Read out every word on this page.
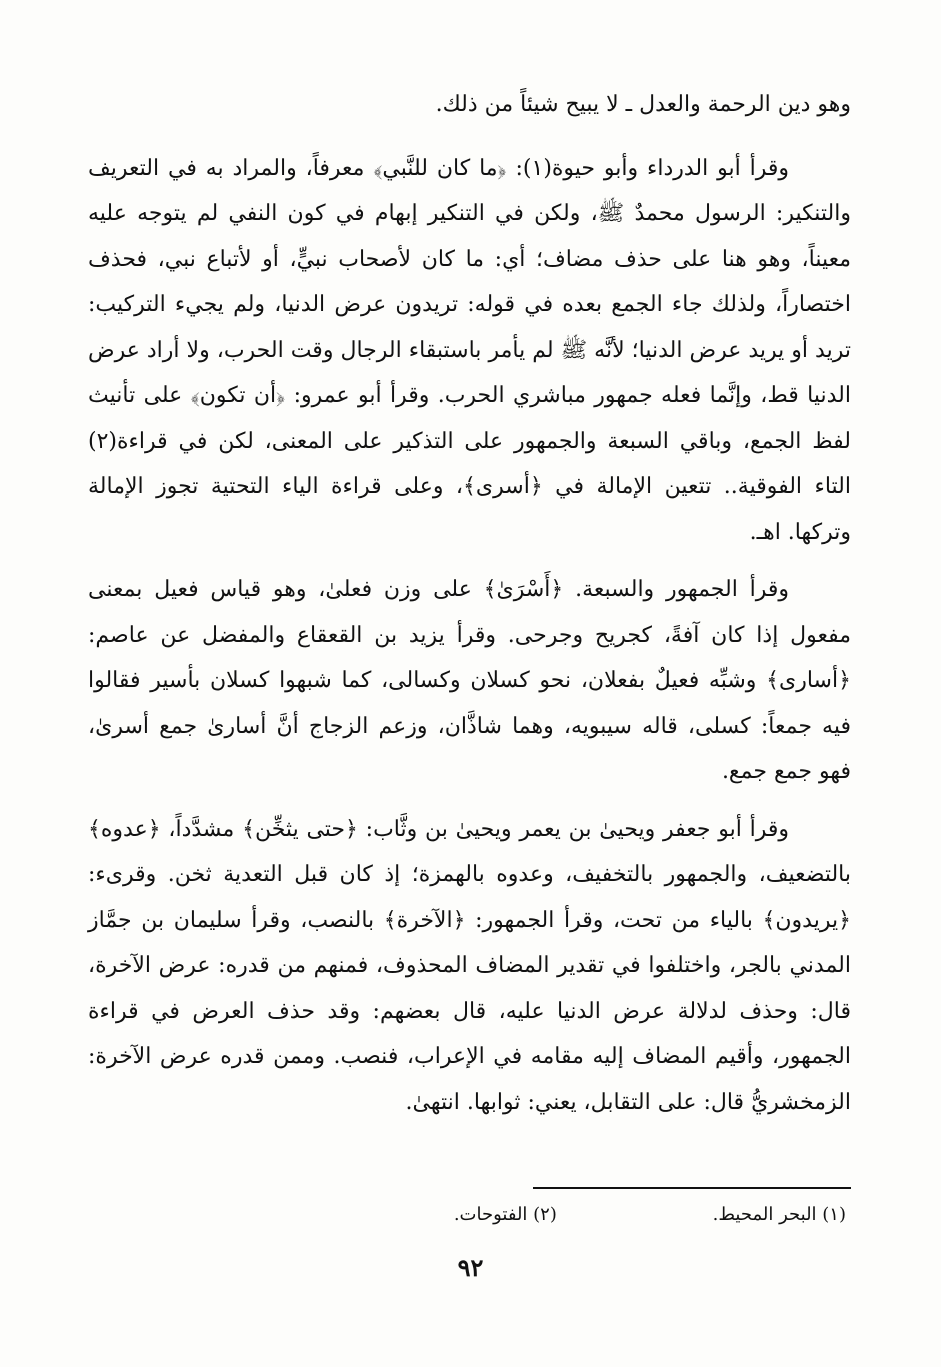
وهو دين الرحمة والعدل ـ لا يبيح شيئاً من ذلك.

وقرأ أبو الدرداء وأبو حيوة(١): ﴿ما كان للنَّبي﴾ معرفاً، والمراد به في التعريف والتنكير: الرسول محمدٌ ﷺ، ولكن في التنكير إبهام في كون النفي لم يتوجه عليه معيناً، وهو هنا على حذف مضاف؛ أي: ما كان لأصحاب نبيٍّ، أو لأتباع نبي، فحذف اختصاراً، ولذلك جاء الجمع بعده في قوله: تريدون عرض الدنيا، ولم يجيء التركيب: تريد أو يريد عرض الدنيا؛ لأنَّه ﷺ لم يأمر باستبقاء الرجال وقت الحرب، ولا أراد عرض الدنيا قط، وإنَّما فعله جمهور مباشري الحرب. وقرأ أبو عمرو: ﴿أن تكون﴾ على تأنيث لفظ الجمع، وباقي السبعة والجمهور على التذكير على المعنى، لكن في قراءة(٢) التاء الفوقية.. تتعين الإمالة في ﴿أسرى﴾، وعلى قراءة الياء التحتية تجوز الإمالة وتركها. اهـ.

وقرأ الجمهور والسبعة. ﴿أَسْرَىٰ﴾ على وزن فعلىٰ، وهو قياس فعيل بمعنى مفعول إذا كان آفةً، كجريح وجرحى. وقرأ يزيد بن القعقاع والمفضل عن عاصم: ﴿أسارى﴾ وشبِّه فعيلٌ بفعلان، نحو كسلان وكسالى، كما شبهوا كسلان بأسير فقالوا فيه جمعاً: كسلى، قاله سيبويه، وهما شاذَّان، وزعم الزجاج أنَّ أسارىٰ جمع أسرىٰ، فهو جمع جمع.

وقرأ أبو جعفر ويحيىٰ بن يعمر ويحيىٰ بن وثَّاب: ﴿حتى يثخِّن﴾ مشدَّداً، ﴿عدوه﴾ بالتضعيف، والجمهور بالتخفيف، وعدوه بالهمزة؛ إذ كان قبل التعدية ثخن. وقرىء: ﴿يريدون﴾ بالياء من تحت، وقرأ الجمهور: ﴿الآخرة﴾ بالنصب، وقرأ سليمان بن جمَّاز المدني بالجر، واختلفوا في تقدير المضاف المحذوف، فمنهم من قدره: عرض الآخرة، قال: وحذف لدلالة عرض الدنيا عليه، قال بعضهم: وقد حذف العرض في قراءة الجمهور، وأقيم المضاف إليه مقامه في الإعراب، فنصب. وممن قدره عرض الآخرة: الزمخشريُّ قال: على التقابل، يعني: ثوابها. انتهىٰ.

(١) البحر المحيط. (٢) الفتوحات.
٩٢
